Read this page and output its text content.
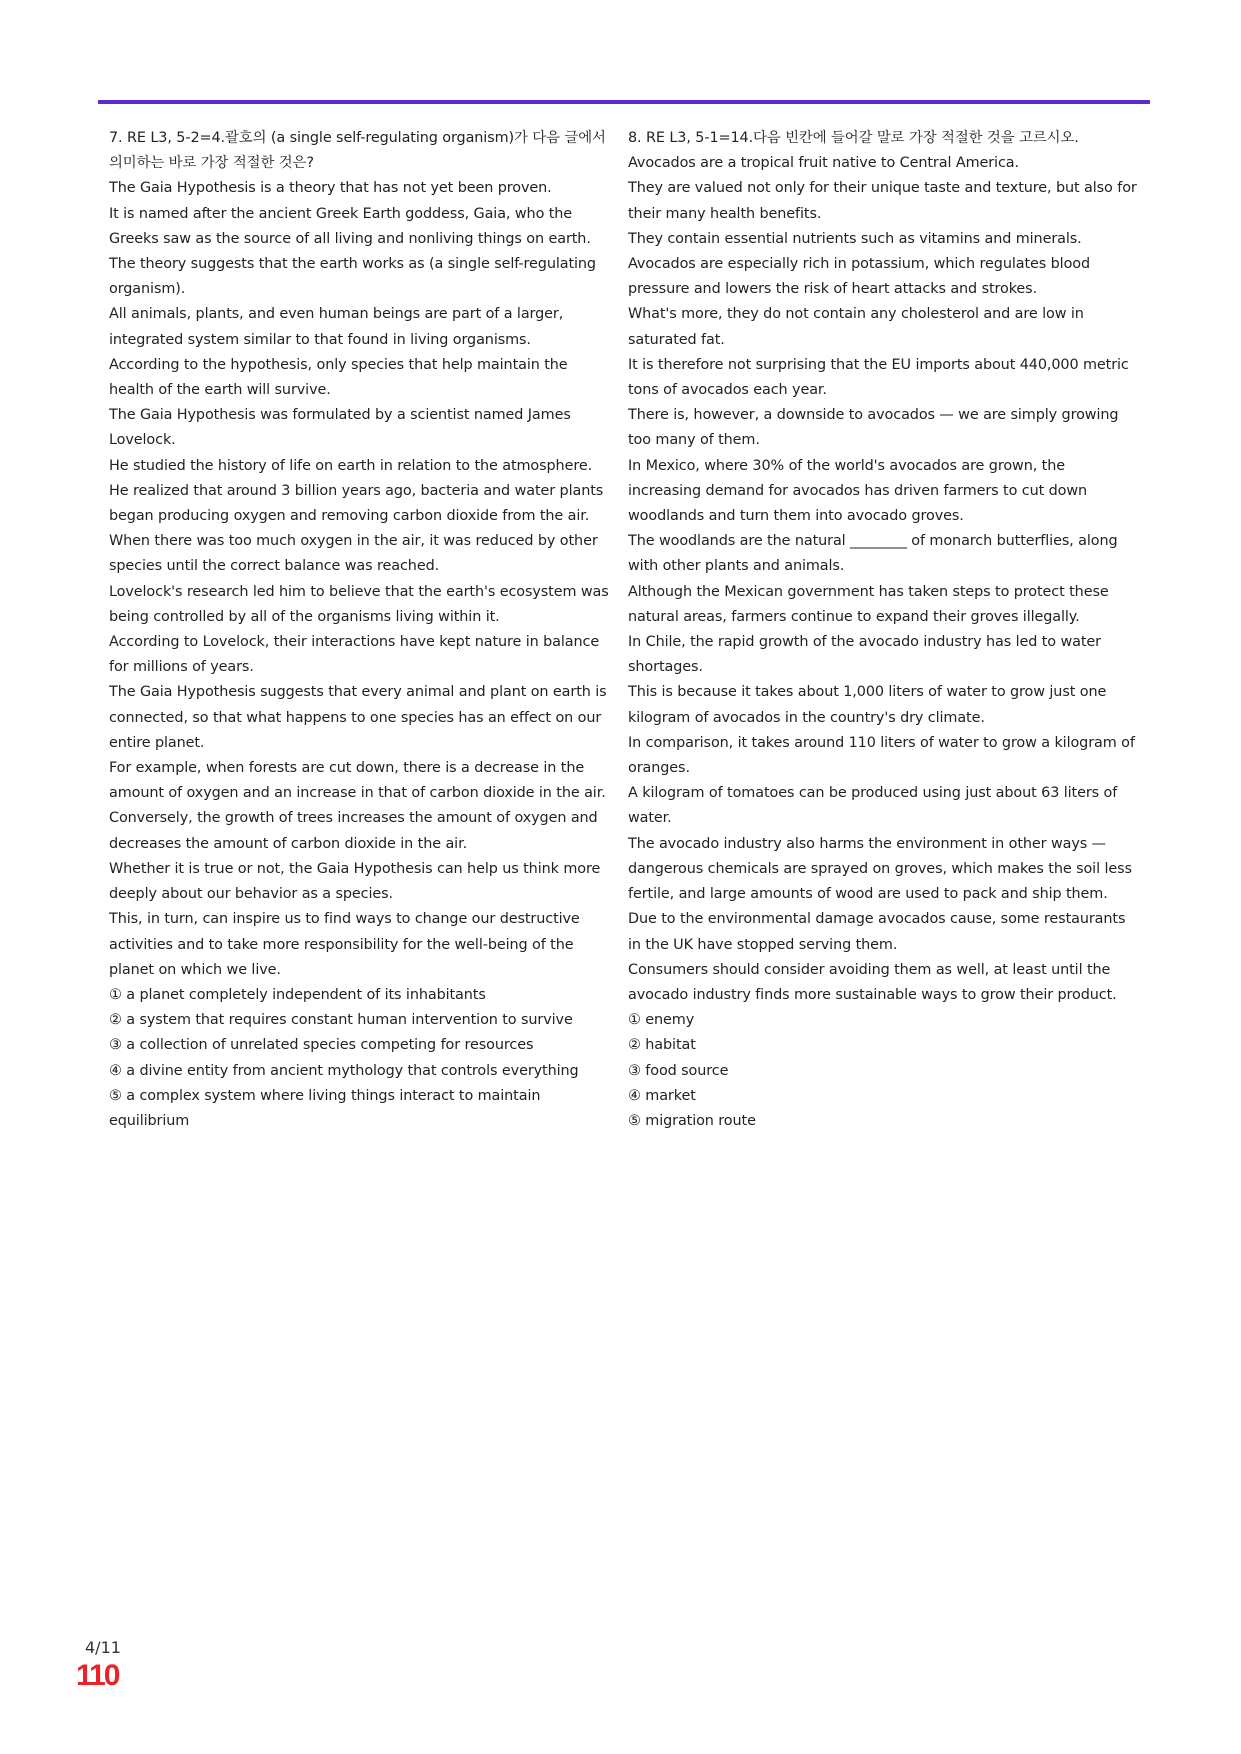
7. RE L3, 5-2=4.괄호의 (a single self-regulating organism)가 다음 글에서 의미하는 바로 가장 적절한 것은?

The Gaia Hypothesis is a theory that has not yet been proven.

It is named after the ancient Greek Earth goddess, Gaia, who the Greeks saw as the source of all living and nonliving things on earth.

The theory suggests that the earth works as (a single self-regulating organism).

All animals, plants, and even human beings are part of a larger, integrated system similar to that found in living organisms.

According to the hypothesis, only species that help maintain the health of the earth will survive.

The Gaia Hypothesis was formulated by a scientist named James Lovelock.

He studied the history of life on earth in relation to the atmosphere.

He realized that around 3 billion years ago, bacteria and water plants began producing oxygen and removing carbon dioxide from the air.

When there was too much oxygen in the air, it was reduced by other species until the correct balance was reached.

Lovelock's research led him to believe that the earth's ecosystem was being controlled by all of the organisms living within it.

According to Lovelock, their interactions have kept nature in balance for millions of years.

The Gaia Hypothesis suggests that every animal and plant on earth is connected, so that what happens to one species has an effect on our entire planet.

For example, when forests are cut down, there is a decrease in the amount of oxygen and an increase in that of carbon dioxide in the air.

Conversely, the growth of trees increases the amount of oxygen and decreases the amount of carbon dioxide in the air.

Whether it is true or not, the Gaia Hypothesis can help us think more deeply about our behavior as a species.

This, in turn, can inspire us to find ways to change our destructive activities and to take more responsibility for the well-being of the planet on which we live.

① a planet completely independent of its inhabitants

② a system that requires constant human intervention to survive

③ a collection of unrelated species competing for resources

④ a divine entity from ancient mythology that controls everything

⑤ a complex system where living things interact to maintain equilibrium

8. RE L3, 5-1=14.다음 빈칸에 들어갈 말로 가장 적절한 것을 고르시오.

Avocados are a tropical fruit native to Central America.

They are valued not only for their unique taste and texture, but also for their many health benefits.

They contain essential nutrients such as vitamins and minerals.

Avocados are especially rich in potassium, which regulates blood pressure and lowers the risk of heart attacks and strokes.

What's more, they do not contain any cholesterol and are low in saturated fat.

It is therefore not surprising that the EU imports about 440,000 metric tons of avocados each year.

There is, however, a downside to avocados — we are simply growing too many of them.

In Mexico, where 30% of the world's avocados are grown, the increasing demand for avocados has driven farmers to cut down woodlands and turn them into avocado groves.

The woodlands are the natural ________ of monarch butterflies, along with other plants and animals.

Although the Mexican government has taken steps to protect these natural areas, farmers continue to expand their groves illegally.

In Chile, the rapid growth of the avocado industry has led to water shortages.

This is because it takes about 1,000 liters of water to grow just one kilogram of avocados in the country's dry climate.

In comparison, it takes around 110 liters of water to grow a kilogram of oranges.

A kilogram of tomatoes can be produced using just about 63 liters of water.

The avocado industry also harms the environment in other ways — dangerous chemicals are sprayed on groves, which makes the soil less fertile, and large amounts of wood are used to pack and ship them.

Due to the environmental damage avocados cause, some restaurants in the UK have stopped serving them.

Consumers should consider avoiding them as well, at least until the avocado industry finds more sustainable ways to grow their product.

① enemy

② habitat

③ food source

④ market

⑤ migration route

4/11
110
